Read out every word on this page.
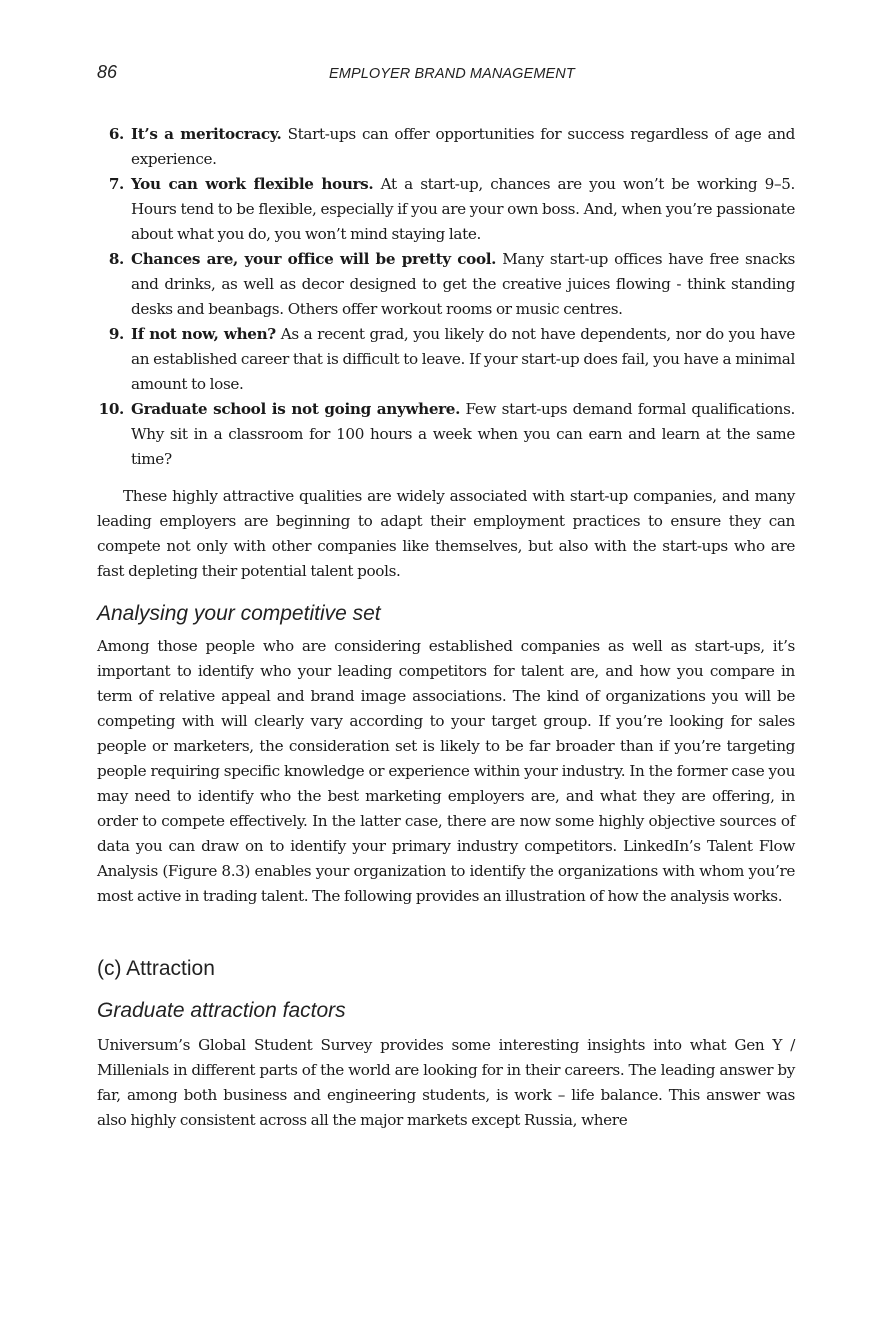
86	EMPLOYER BRAND MANAGEMENT
6. It’s a meritocracy. Start-ups can offer opportunities for success regardless of age and experience.
7. You can work flexible hours. At a start-up, chances are you won’t be working 9–5. Hours tend to be flexible, especially if you are your own boss. And, when you’re passionate about what you do, you won’t mind staying late.
8. Chances are, your office will be pretty cool. Many start-up offices have free snacks and drinks, as well as decor designed to get the creative juices flowing - think standing desks and beanbags. Others offer workout rooms or music centres.
9. If not now, when? As a recent grad, you likely do not have dependents, nor do you have an established career that is difficult to leave. If your start-up does fail, you have a minimal amount to lose.
10. Graduate school is not going anywhere. Few start-ups demand formal qualifications. Why sit in a classroom for 100 hours a week when you can earn and learn at the same time?

These highly attractive qualities are widely associated with start-up companies, and many leading employers are beginning to adapt their employment practices to ensure they can compete not only with other companies like themselves, but also with the start-ups who are fast depleting their potential talent pools.

Analysing your competitive set

Among those people who are considering established companies as well as start-ups, it’s important to identify who your leading competitors for talent are, and how you compare in term of relative appeal and brand image associations. The kind of organizations you will be competing with will clearly vary according to your target group. If you’re looking for sales people or marketers, the consideration set is likely to be far broader than if you’re targeting people requiring specific knowledge or experience within your industry. In the former case you may need to identify who the best marketing employers are, and what they are offering, in order to compete effectively. In the latter case, there are now some highly objective sources of data you can draw on to identify your primary industry competitors. LinkedIn’s Talent Flow Analysis (Figure 8.3) enables your organization to identify the organizations with whom you’re most active in trading talent. The following provides an illustration of how the analysis works.

(c) Attraction
Graduate attraction factors

Universum’s Global Student Survey provides some interesting insights into what Gen Y / Millenials in different parts of the world are looking for in their careers. The leading answer by far, among both business and engineering students, is work – life balance. This answer was also highly consistent across all the major markets except Russia, where
